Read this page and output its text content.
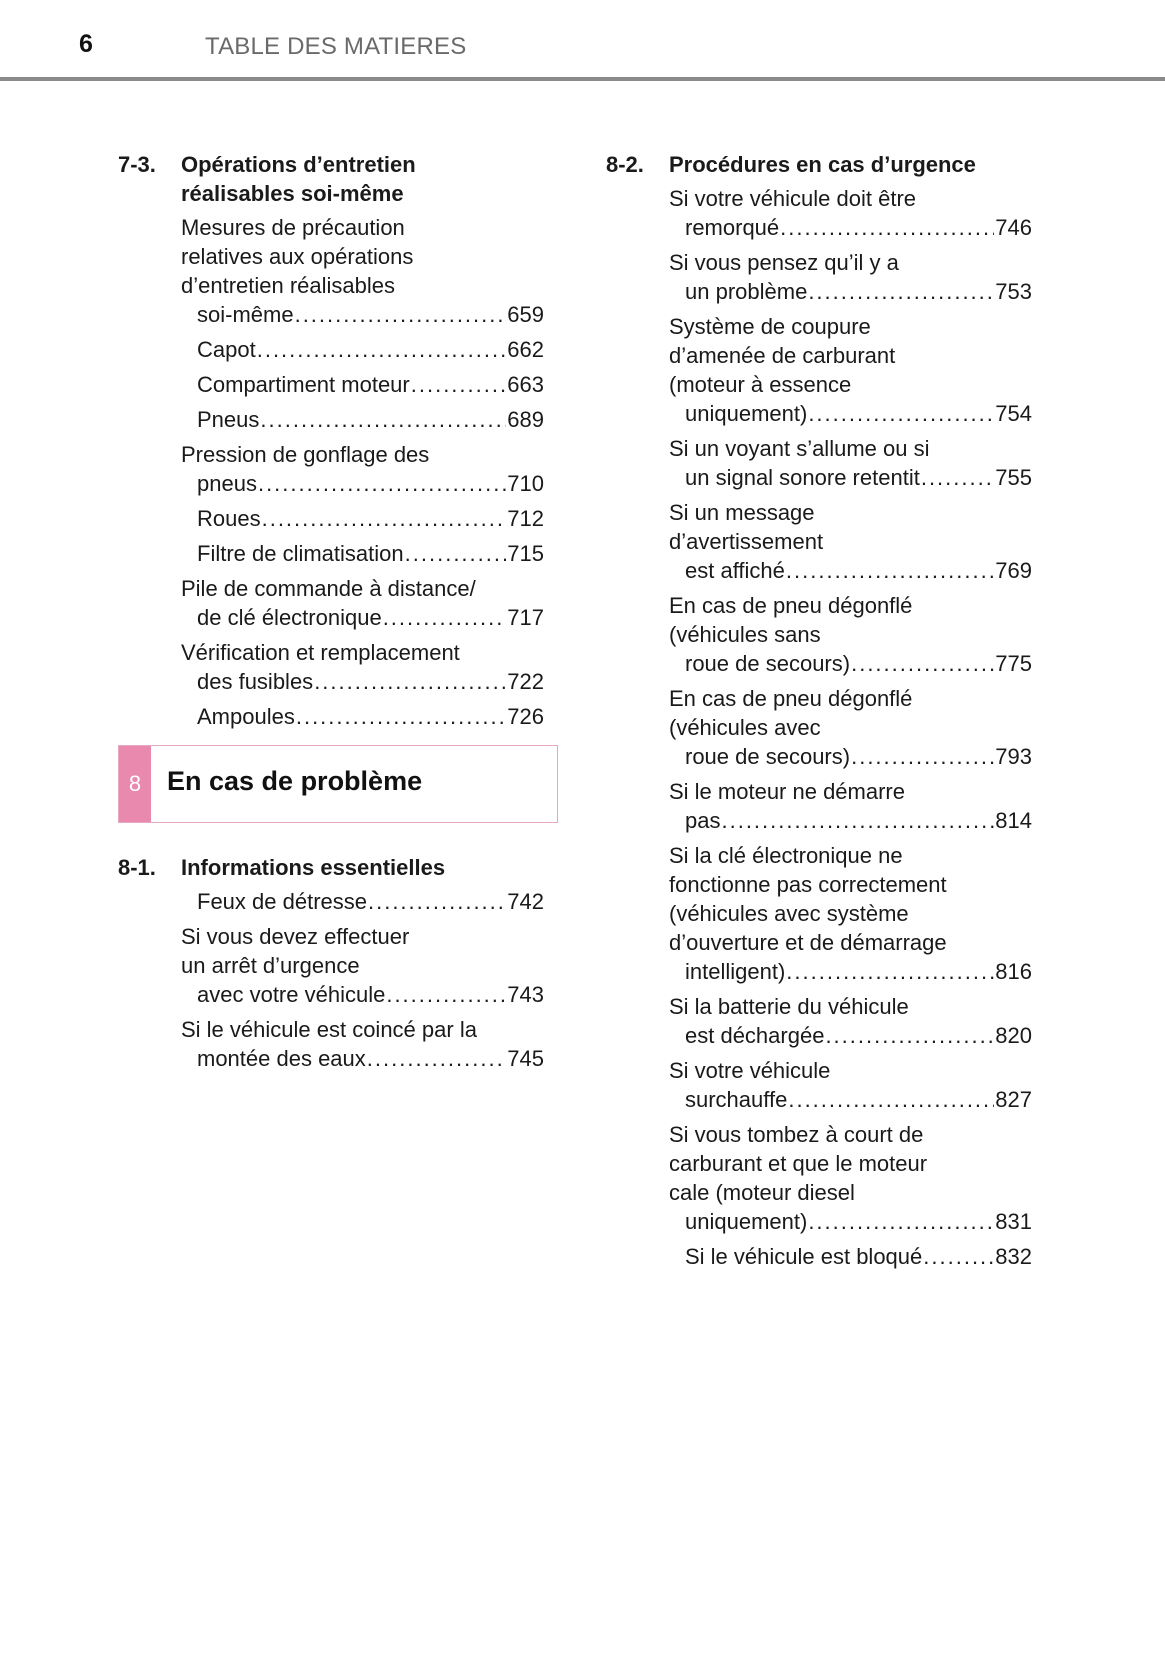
6	TABLE DES MATIERES
7-3. Opérations d’entretien
réalisables soi-même
Mesures de précaution
relatives aux opérations
d’entretien réalisables
soi-même .....	659
Capot .....	662
Compartiment moteur .....	663
Pneus .....	689
Pression de gonflage des
pneus .....	710
Roues .....	712
Filtre de climatisation .....	715
Pile de commande à distance/
de clé électronique .....	717
Vérification et remplacement
des fusibles .....	722
Ampoules .....	726
8 En cas de problème
8-1. Informations essentielles
Feux de détresse .....	742
Si vous devez effectuer
un arrêt d’urgence
avec votre véhicule .....	743
Si le véhicule est coincé par la
montée des eaux .....	745
8-2. Procédures en cas d’urgence
Si votre véhicule doit être
remorqué .....	746
Si vous pensez qu’il y a
un problème .....	753
Système de coupure
d’amenée de carburant
(moteur à essence
uniquement) .....	754
Si un voyant s’allume ou si
un signal sonore retentit .....	755
Si un message
d’avertissement
est affiché .....	769
En cas de pneu dégonflé
(véhicules sans
roue de secours) .....	775
En cas de pneu dégonflé
(véhicules avec
roue de secours) .....	793
Si le moteur ne démarre
pas .....	814
Si la clé électronique ne
fonctionne pas correctement
(véhicules avec système
d’ouverture et de démarrage
intelligent) .....	816
Si la batterie du véhicule
est déchargée .....	820
Si votre véhicule
surchauffe .....	827
Si vous tombez à court de
carburant et que le moteur
cale (moteur diesel
uniquement) .....	831
Si le véhicule est bloqué .....	832
